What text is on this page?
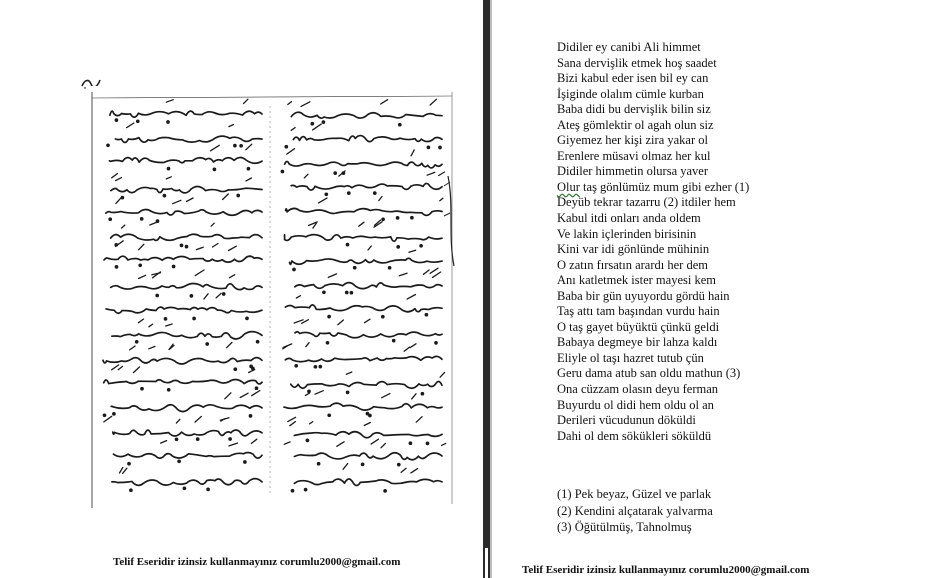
Telif Eseridir izinsiz kullanmayınız corumlu2000@gmail.com
Didiler ey canibi Ali himmet
Sana dervişlik etmek hoş saadet
Bizi kabul eder isen bil ey can
İşiginde olalım cümle kurban
Baba didi bu dervişlik bilin siz
Ateş gömlektir ol agah olun siz
Giyemez her kişi zira yakar ol
Erenlere müsavi olmaz her kul
Didiler himmetin olursa yaver
Olur taş gönlümüz mum gibi ezher (1)
Deyüb tekrar tazarru (2) itdiler hem
Kabul itdi onları anda oldem
Ve lakin içlerinden birisinin
Kini var idi gönlünde mühinin
O zatın fırsatın arardı her dem
Anı katletmek ister mayesi kem
Baba bir gün uyuyordu gördü hain
Taş attı tam başından vurdu hain
O taş gayet büyüktü çünkü geldi
Babaya degmeye bir lahza kaldı
Eliyle ol taşı hazret tutub çün
Geru dama atub san oldu mathun (3)
Ona cüzzam olasın deyu ferman
Buyurdu ol didi hem oldu ol an
Derileri vücudunun döküldi
Dahi ol dem sökükleri söküldü
(1) Pek beyaz, Güzel ve parlak
(2) Kendini alçatarak yalvarma
(3) Öğütülmüş, Tahnolmuş
Telif Eseridir izinsiz kullanmayınız corumlu2000@gmail.com
